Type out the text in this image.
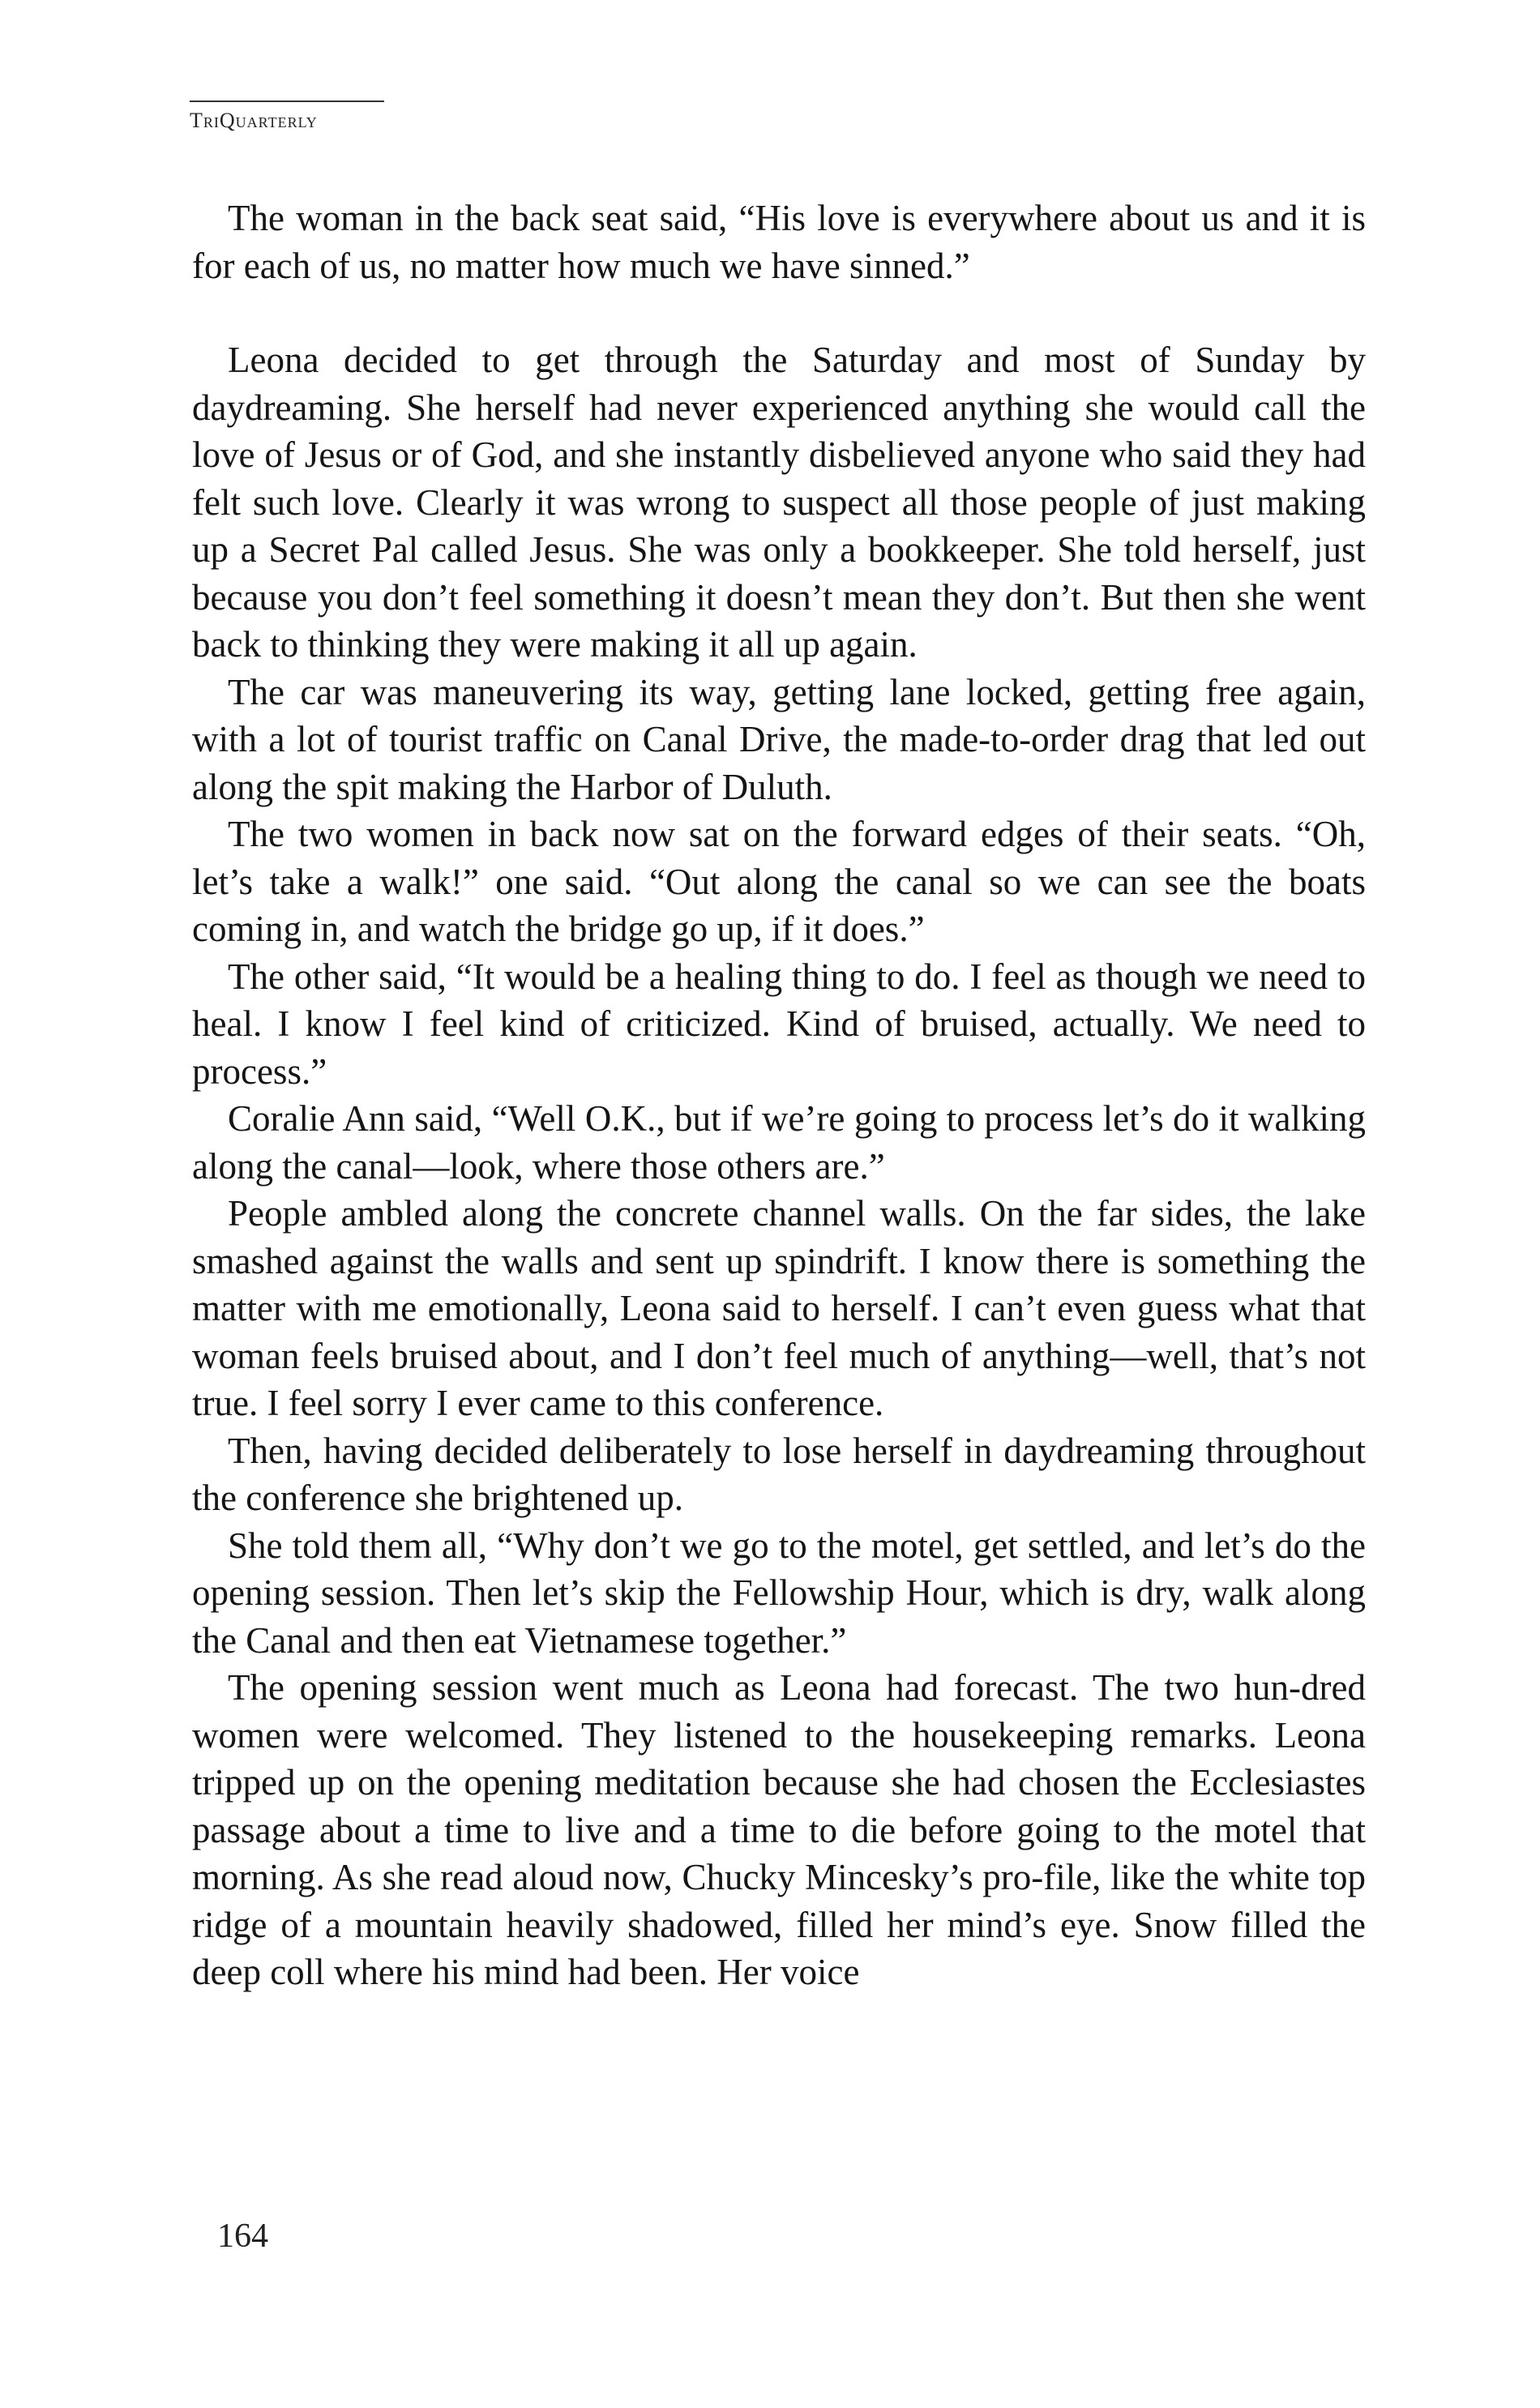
TriQuarterly

The woman in the back seat said, “His love is everywhere about us and it is for each of us, no matter how much we have sinned.”

Leona decided to get through the Saturday and most of Sunday by daydreaming. She herself had never experienced anything she would call the love of Jesus or of God, and she instantly disbelieved anyone who said they had felt such love. Clearly it was wrong to suspect all those people of just making up a Secret Pal called Jesus. She was only a bookkeeper. She told herself, just because you don’t feel something it doesn’t mean they don’t. But then she went back to thinking they were making it all up again.

The car was maneuvering its way, getting lane locked, getting free again, with a lot of tourist traffic on Canal Drive, the made-to-order drag that led out along the spit making the Harbor of Duluth.

The two women in back now sat on the forward edges of their seats. “Oh, let’s take a walk!” one said. “Out along the canal so we can see the boats coming in, and watch the bridge go up, if it does.”

The other said, “It would be a healing thing to do. I feel as though we need to heal. I know I feel kind of criticized. Kind of bruised, actually. We need to process.”

Coralie Ann said, “Well O.K., but if we’re going to process let’s do it walking along the canal—look, where those others are.”

People ambled along the concrete channel walls. On the far sides, the lake smashed against the walls and sent up spindrift. I know there is something the matter with me emotionally, Leona said to herself. I can’t even guess what that woman feels bruised about, and I don’t feel much of anything—well, that’s not true. I feel sorry I ever came to this conference.

Then, having decided deliberately to lose herself in daydreaming throughout the conference she brightened up.

She told them all, “Why don’t we go to the motel, get settled, and let’s do the opening session. Then let’s skip the Fellowship Hour, which is dry, walk along the Canal and then eat Vietnamese together.”

The opening session went much as Leona had forecast. The two hun-dred women were welcomed. They listened to the housekeeping remarks. Leona tripped up on the opening meditation because she had chosen the Ecclesiastes passage about a time to live and a time to die before going to the motel that morning. As she read aloud now, Chucky Mincesky’s pro-file, like the white top ridge of a mountain heavily shadowed, filled her mind’s eye. Snow filled the deep coll where his mind had been. Her voice

164
